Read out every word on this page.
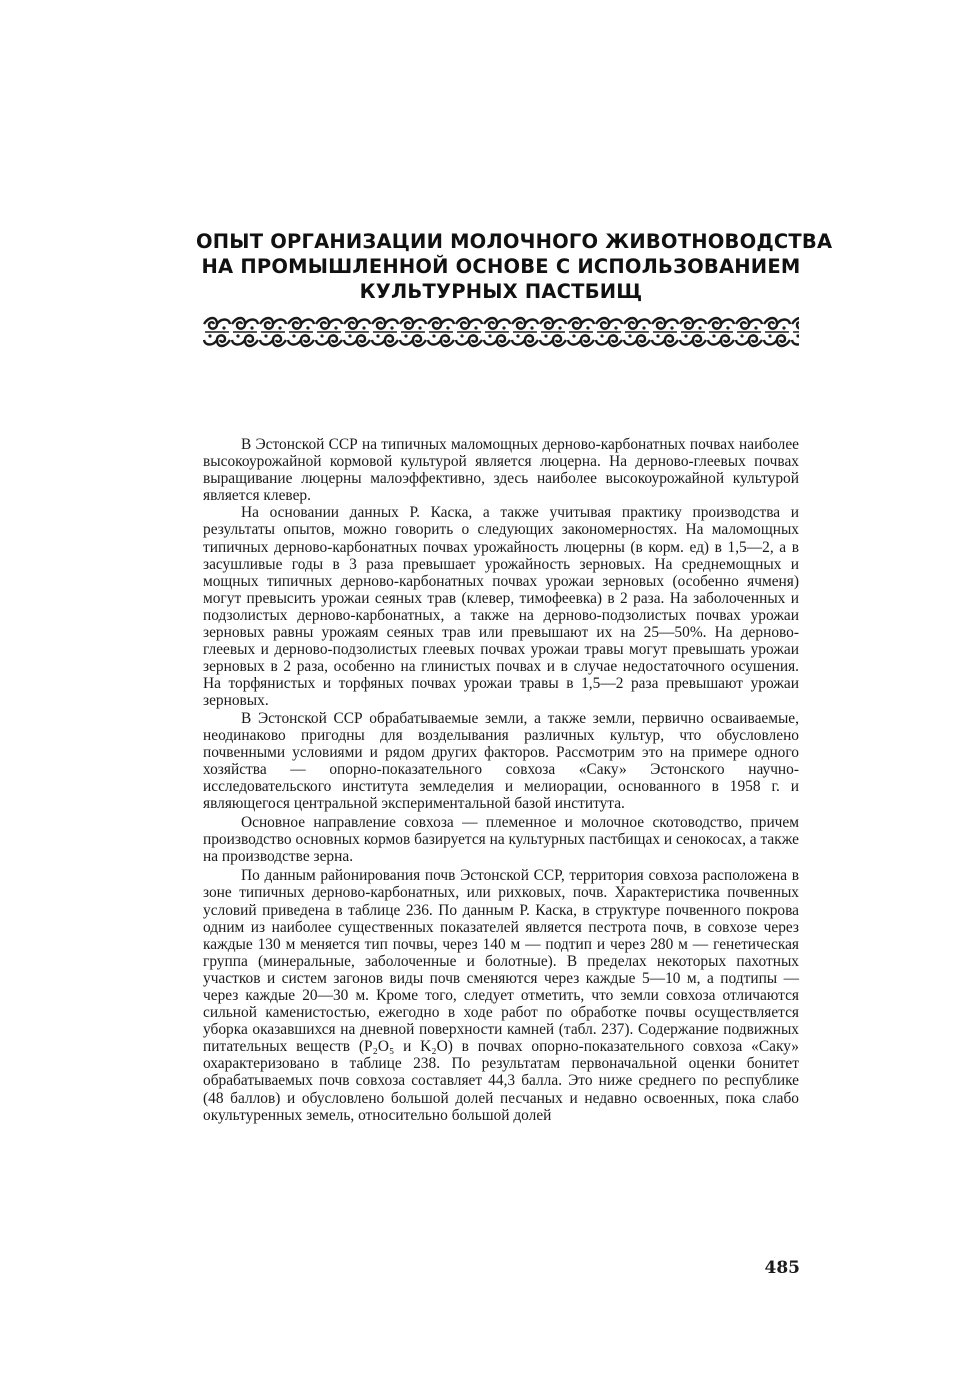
ОПЫТ ОРГАНИЗАЦИИ МОЛОЧНОГО ЖИВОТНОВОДСТВА
НА ПРОМЫШЛЕННОЙ ОСНОВЕ С ИСПОЛЬЗОВАНИЕМ
КУЛЬТУРНЫХ ПАСТБИЩ

В Эстонской ССР на типичных маломощных дерново-карбонатных почвах наиболее высокоурожайной кормовой культурой является люцерна. На дерново-глеевых почвах выращивание люцерны малоэффективно, здесь наиболее высокоурожайной культурой является клевер.

На основании данных Р. Каска, а также учитывая практику производства и результаты опытов, можно говорить о следующих закономерностях. На маломощных типичных дерново-карбонатных почвах урожайность люцерны (в корм. ед) в 1,5—2, а в засушливые годы в 3 раза превышает урожайность зерновых. На среднемощных и мощных типичных дерново-карбонатных почвах урожаи зерновых (особенно ячменя) могут превысить урожаи сеяных трав (клевер, тимофеевка) в 2 раза. На заболоченных и подзолистых дерново-карбонатных, а также на дерново-подзолистых почвах урожаи зерновых равны урожаям сеяных трав или превышают их на 25—50%. На дерново-глеевых и дерново-подзолистых глеевых почвах урожаи травы могут превышать урожаи зерновых в 2 раза, особенно на глинистых почвах и в случае недостаточного осушения. На торфянистых и торфяных почвах урожаи травы в 1,5—2 раза превышают урожаи зерновых.

В Эстонской ССР обрабатываемые земли, а также земли, первично осваиваемые, неодинаково пригодны для возделывания различных культур, что обусловлено почвенными условиями и рядом других факторов. Рассмотрим это на примере одного хозяйства — опорно-показательного совхоза «Саку» Эстонского научно-исследовательского института земледелия и мелиорации, основанного в 1958 г. и являющегося центральной экспериментальной базой института.

Основное направление совхоза — племенное и молочное скотоводство, причем производство основных кормов базируется на культурных пастбищах и сенокосах, а также на производстве зерна.

По данным районирования почв Эстонской ССР, территория совхоза расположена в зоне типичных дерново-карбонатных, или рихковых, почв. Характеристика почвенных условий приведена в таблице 236. По данным Р. Каска, в структуре почвенного покрова одним из наиболее существенных показателей является пестрота почв, в совхозе через каждые 130 м меняется тип почвы, через 140 м — подтип и через 280 м — генетическая группа (минеральные, заболоченные и болотные). В пределах некоторых пахотных участков и систем загонов виды почв сменяются через каждые 5—10 м, а подтипы — через каждые 20—30 м. Кроме того, следует отметить, что земли совхоза отличаются сильной каменистостью, ежегодно в ходе работ по обработке почвы осуществляется уборка оказавшихся на дневной поверхности камней (табл. 237). Содержание подвижных питательных веществ (P₂O₅ и K₂O) в почвах опорно-показательного совхоза «Саку» охарактеризовано в таблице 238. По результатам первоначальной оценки бонитет обрабатываемых почв совхоза составляет 44,3 балла. Это ниже среднего по республике (48 баллов) и обусловлено большой долей песчаных и недавно освоенных, пока слабо окультуренных земель, относительно большой долей

485
